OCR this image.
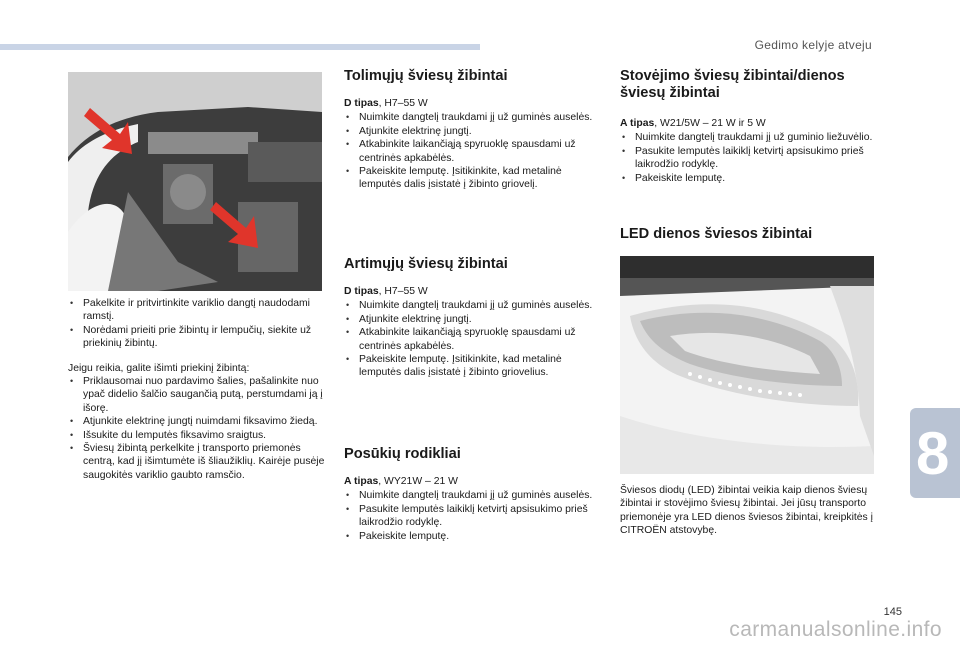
Gedimo kelyje atveju
8
• Pakelkite ir pritvirtinkite variklio dangtį naudodami ramstį.
• Norėdami prieiti prie žibintų ir lempučių, siekite už priekinių žibintų.

Jeigu reikia, galite išimti priekinį žibintą:

• Priklausomai nuo pardavimo šalies, pašalinkite nuo ypač didelio šalčio saugančią putą, perstumdami ją į išorę.
• Atjunkite elektrinę jungtį nuimdami fiksavimo žiedą.
• Išsukite du lemputės fiksavimo sraigtus.
• Šviesų žibintą perkelkite į transporto priemonės centrą, kad jį išimtumėte iš šliaužiklių. Kairėje pusėje saugokitės variklio gaubto ramsčio.
Tolimųjų šviesų žibintai

D tipas, H7–55 W

• Nuimkite dangtelį traukdami jį už guminės auselės.
• Atjunkite elektrinę jungtį.
• Atkabinkite laikančiąją spyruoklę spausdami už centrinės apkabėlės.
• Pakeiskite lemputę. Įsitikinkite, kad metalinė lemputės dalis įsistatė į žibinto griovelį.
Artimųjų šviesų žibintai

D tipas, H7–55 W

• Nuimkite dangtelį traukdami jį už guminės auselės.
• Atjunkite elektrinę jungtį.
• Atkabinkite laikančiąją spyruoklę spausdami už centrinės apkabėlės.
• Pakeiskite lemputę. Įsitikinkite, kad metalinė lemputės dalis įsistatė į žibinto griovelius.
Posūkių rodikliai

A tipas, WY21W – 21 W

• Nuimkite dangtelį traukdami jį už guminės auselės.
• Pasukite lemputės laikiklį ketvirtį apsisukimo prieš laikrodžio rodyklę.
• Pakeiskite lemputę.
Stovėjimo šviesų žibintai/dienos šviesų žibintai

A tipas, W21/5W – 21 W ir 5 W

• Nuimkite dangtelį traukdami jį už guminio liežuvėlio.
• Pasukite lemputės laikiklį ketvirtį apsisukimo prieš laikrodžio rodyklę.
• Pakeiskite lemputę.
LED dienos šviesos žibintai

Šviesos diodų (LED) žibintai veikia kaip dienos šviesų žibintai ir stovėjimo šviesų žibintai. Jei jūsų transporto priemonėje yra LED dienos šviesos žibintai, kreipkitės į CITROËN atstovybę.

145
carmanualsonline.info
